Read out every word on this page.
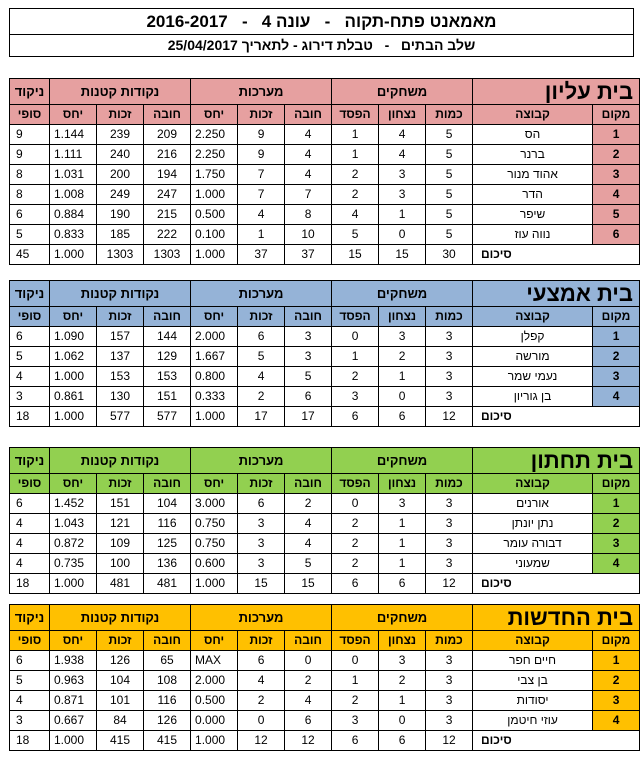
מאמאנט פתח-תקוה   -   עונה 4   -   2016-2017
שלב הבתים   -   טבלת דירוג - לתאריך 25/04/2017
בית עליון		משחקים			מערכות			נקודות קטנות			ניקוד
מקום	קבוצה	כמות	נצחון	הפסד	חובה	זכות	יחס	חובה	זכות	יחס	סופי
1	הס	5	4	1	4	9	2.250	209	239	1.144	9
2	ברנר	5	4	1	4	9	2.250	216	240	1.111	9
3	אהוד מנור	5	3	2	4	7	1.750	194	200	1.031	8
4	הדר	5	3	2	7	7	1.000	247	249	1.008	8
5	שיפר	5	1	4	8	4	0.500	215	190	0.884	6
6	נווה עוז	5	0	5	10	1	0.100	222	185	0.833	5
סיכום		30	15	15	37	37	1.000	1303	1303	1.000	45
בית אמצעי		משחקים			מערכות			נקודות קטנות			ניקוד
מקום	קבוצה	כמות	נצחון	הפסד	חובה	זכות	יחס	חובה	זכות	יחס	סופי
1	קפלן	3	3	0	3	6	2.000	144	157	1.090	6
2	מורשה	3	2	1	3	5	1.667	129	137	1.062	5
3	נעמי שמר	3	1	2	5	4	0.800	153	153	1.000	4
4	בן גוריון	3	0	3	6	2	0.333	151	130	0.861	3
סיכום		12	6	6	17	17	1.000	577	577	1.000	18
בית תחתון		משחקים			מערכות			נקודות קטנות			ניקוד
מקום	קבוצה	כמות	נצחון	הפסד	חובה	זכות	יחס	חובה	זכות	יחס	סופי
1	אורנים	3	3	0	2	6	3.000	104	151	1.452	6
2	נתן יונתן	3	1	2	4	3	0.750	116	121	1.043	4
3	דבורה עומר	3	1	2	4	3	0.750	125	109	0.872	4
4	שמעוני	3	1	2	5	3	0.600	136	100	0.735	4
סיכום		12	6	6	15	15	1.000	481	481	1.000	18
בית החדשות		משחקים			מערכות			נקודות קטנות			ניקוד
מקום	קבוצה	כמות	נצחון	הפסד	חובה	זכות	יחס	חובה	זכות	יחס	סופי
1	חיים חפר	3	3	0	0	6	MAX	65	126	1.938	6
2	בן צבי	3	2	1	2	4	2.000	108	104	0.963	5
3	יסודות	3	1	2	4	2	0.500	116	101	0.871	4
4	עוזי חיטמן	3	0	3	6	0	0.000	126	84	0.667	3
סיכום		12	6	6	12	12	1.000	415	415	1.000	18
